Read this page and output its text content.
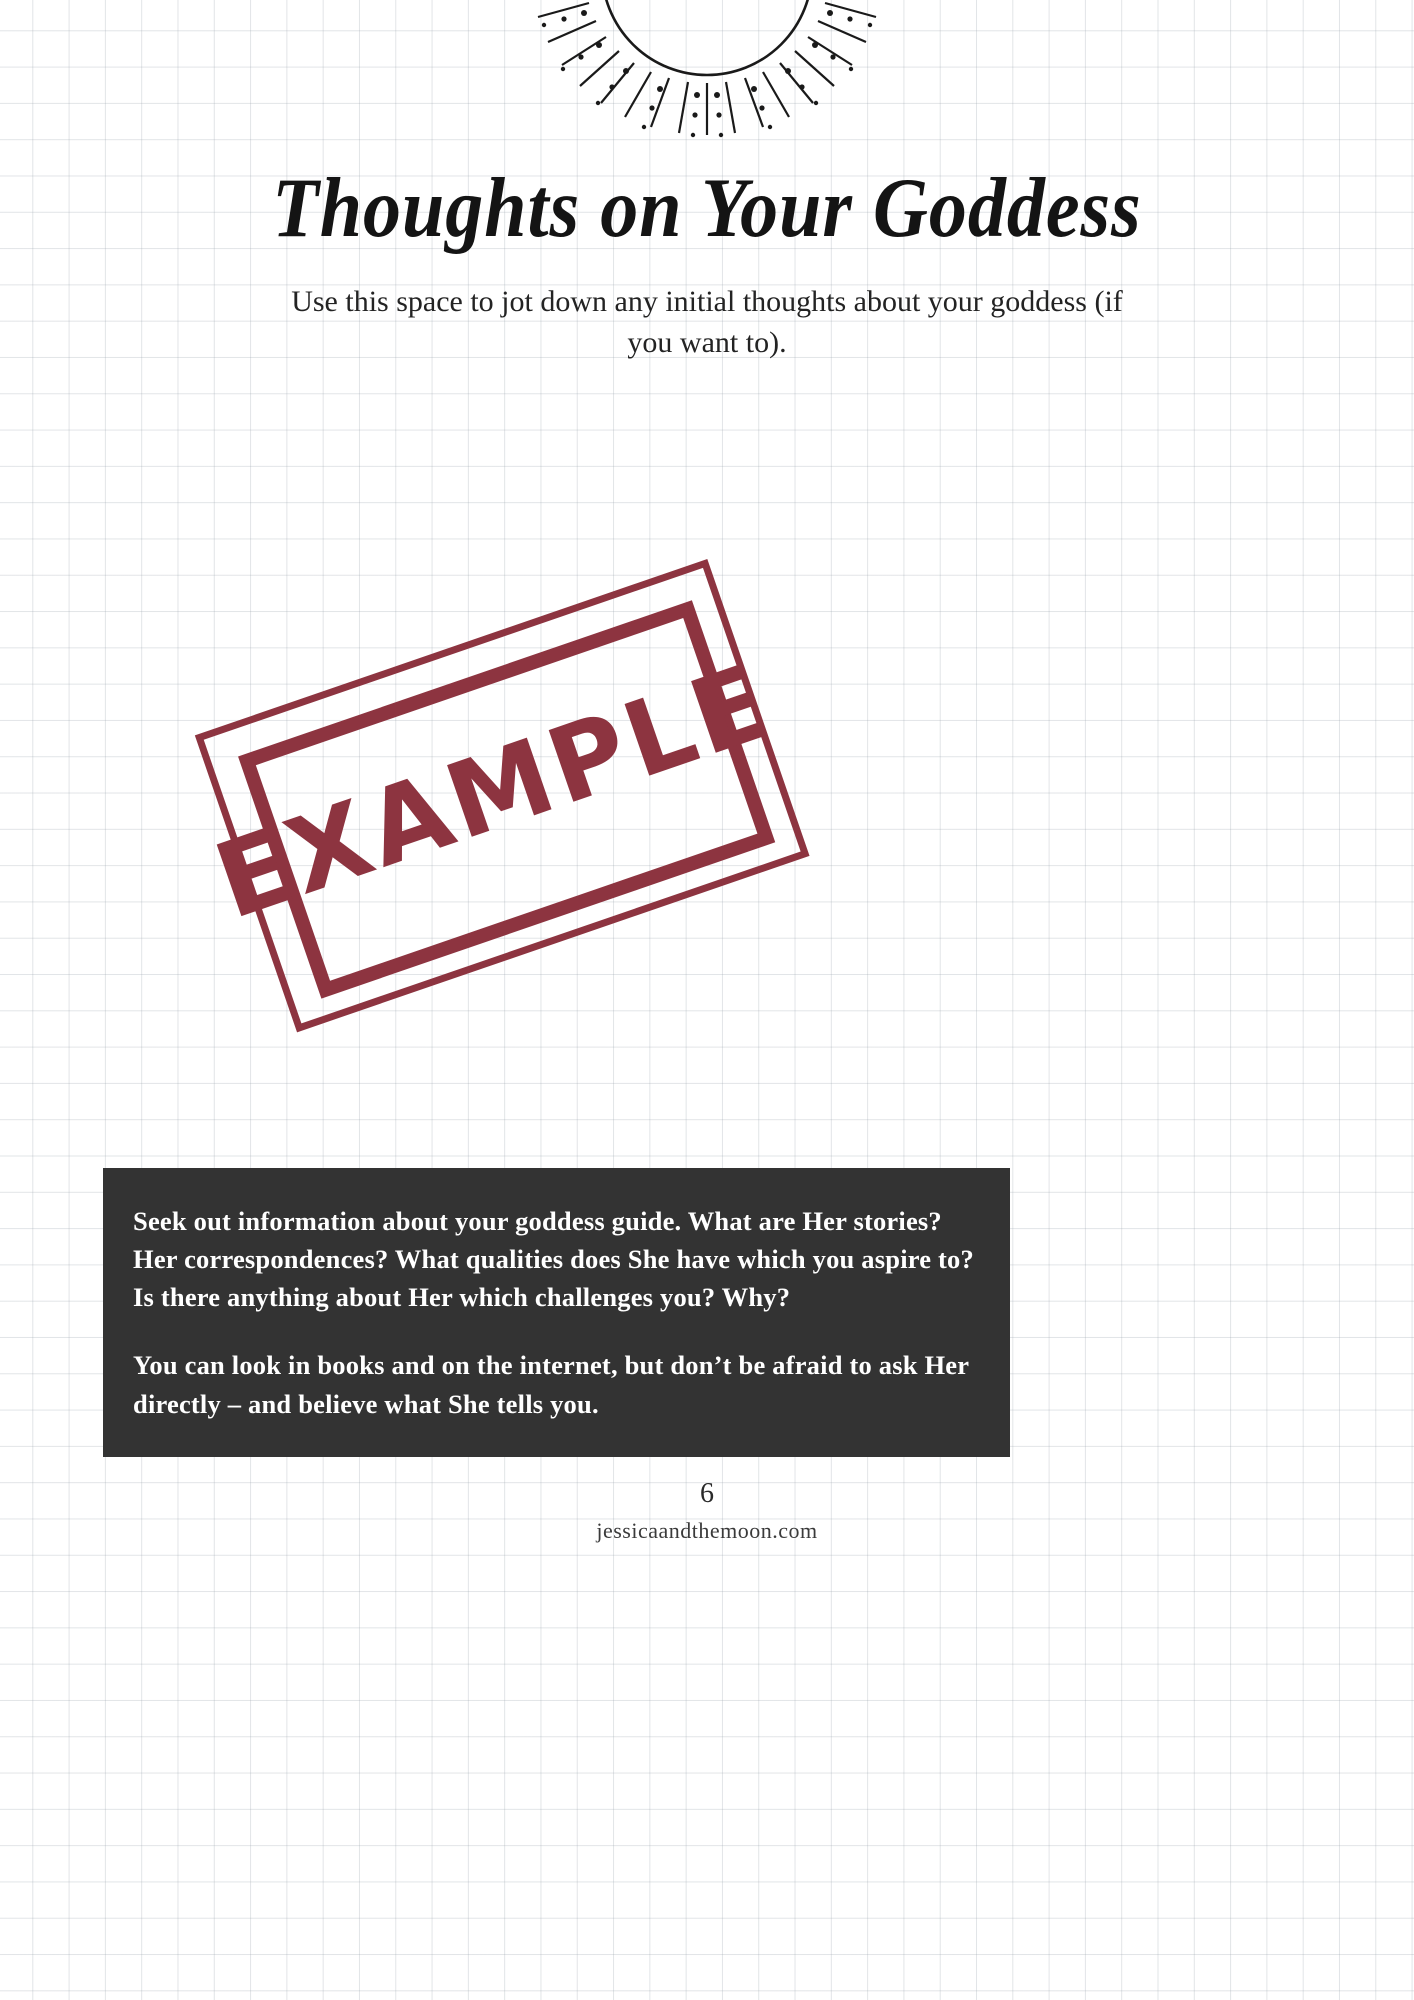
Thoughts on Your Goddess

Use this space to jot down any initial thoughts about your goddess (if you want to).

EXAMPLE

Seek out information about your goddess guide. What are Her stories? Her correspondences? What qualities does She have which you aspire to? Is there anything about Her which challenges you? Why?

You can look in books and on the internet, but don’t be afraid to ask Her directly – and believe what She tells you.

6
jessicaandthemoon.com
